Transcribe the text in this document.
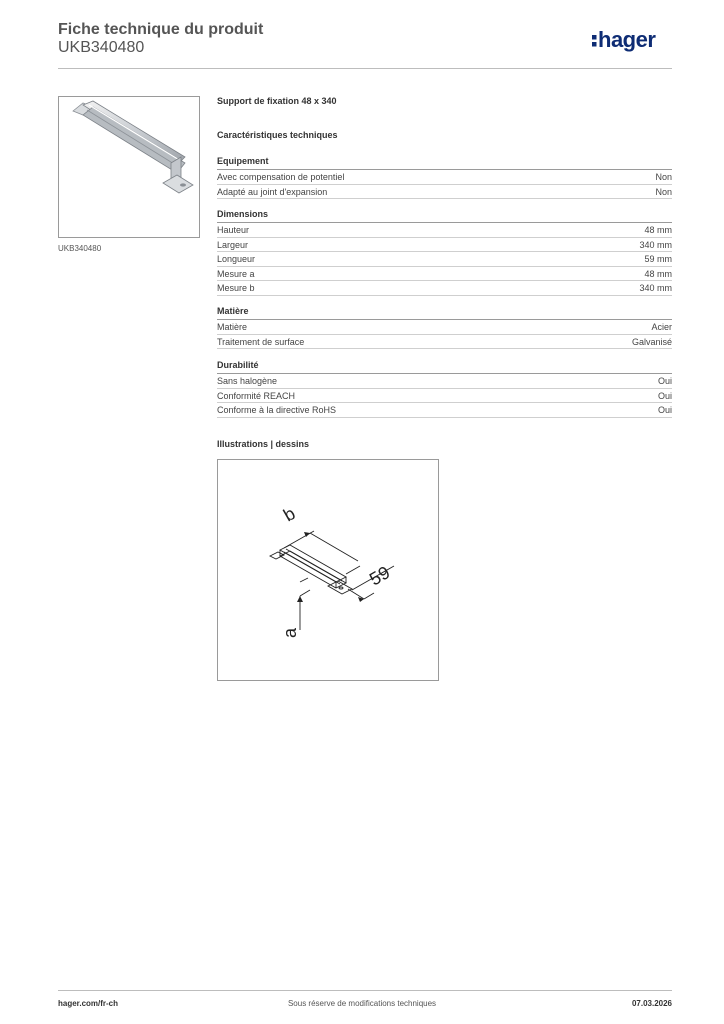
Fiche technique du produit
UKB340480	hager
UKB340480
Support de fixation 48 x 340
Caractéristiques techniques
Equipement
Avec compensation de potentiel	Non
Adapté au joint d'expansion	Non
Dimensions
Hauteur	48 mm
Largeur	340 mm
Longueur	59 mm
Mesure a	48 mm
Mesure b	340 mm
Matière
Matière	Acier
Traitement de surface	Galvanisé
Durabilité
Sans halogène	Oui
Conformité REACH	Oui
Conforme à la directive RoHS	Oui
Illustrations | dessins
b
59
a
hager.com/fr-ch	Sous réserve de modifications techniques	07.03.2026
